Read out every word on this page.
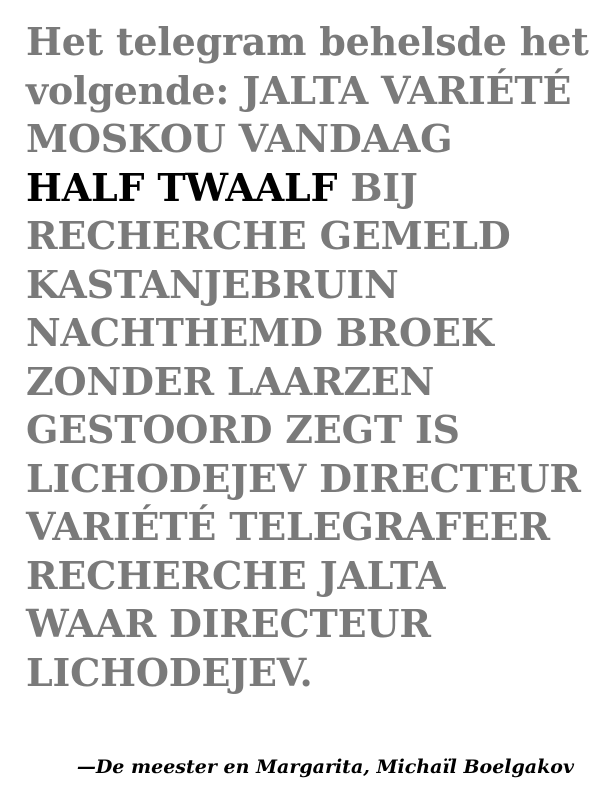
Het telegram behelsde het
volgende: JALTA VARIÉTÉ
MOSKOU VANDAAG
HALF TWAALF BIJ
RECHERCHE GEMELD
KASTANJEBRUIN
NACHTHEMD BROEK
ZONDER LAARZEN
GESTOORD ZEGT IS
LICHODEJEV DIRECTEUR
VARIÉTÉ TELEGRAFEER
RECHERCHE JALTA
WAAR DIRECTEUR
LICHODEJEV.

—De meester en Margarita, Michaïl Boelgakov
